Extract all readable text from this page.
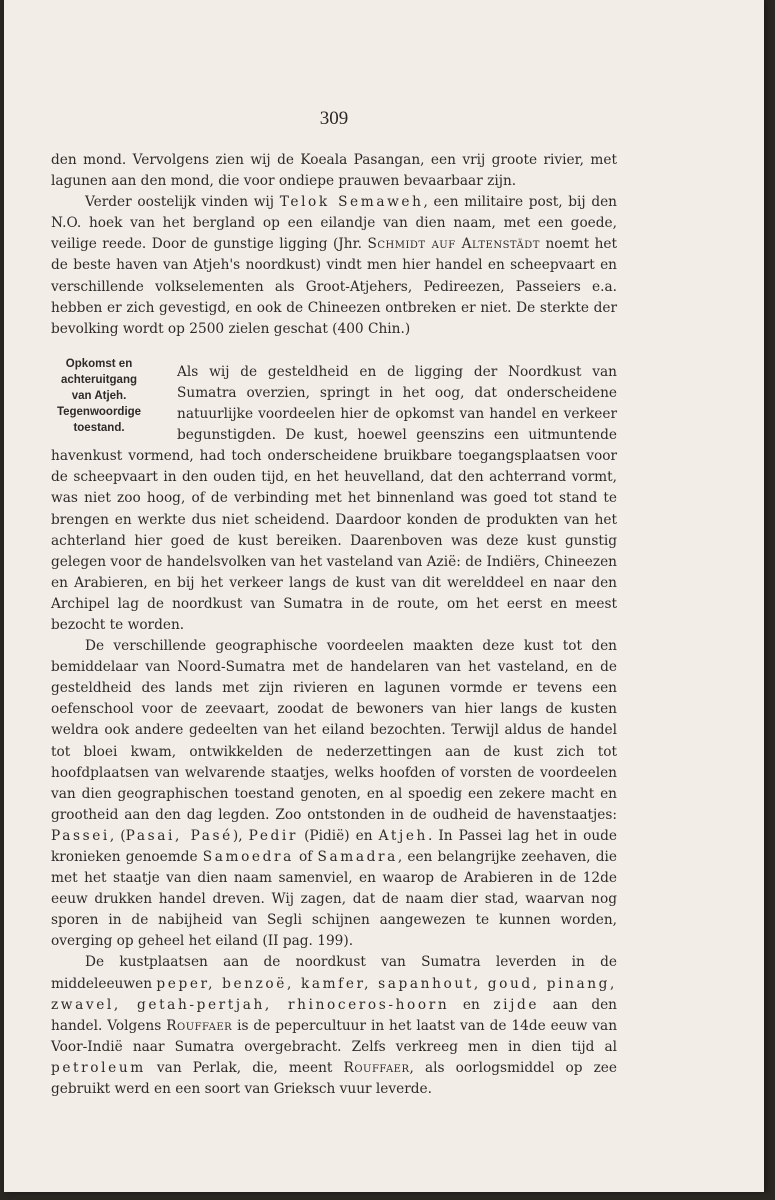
309
Opkomst en achteruitgang van Atjeh. Tegenwoordige toestand.

den mond. Vervolgens zien wij de Koeala Pasangan, een vrij groote rivier, met lagunen aan den mond, die voor ondiepe prauwen bevaarbaar zijn.

Verder oostelijk vinden wij Telok Semaweh, een militaire post, bij den N.O. hoek van het bergland op een eilandje van dien naam, met een goede, veilige reede. Door de gunstige ligging (Jhr. Schmidt auf Altenstädt noemt het de beste haven van Atjeh's noordkust) vindt men hier handel en scheepvaart en verschillende volkselementen als Groot-Atjehers, Pedireezen, Passeiers e.a. hebben er zich gevestigd, en ook de Chineezen ontbreken er niet. De sterkte der bevolking wordt op 2500 zielen geschat (400 Chin.)

Als wij de gesteldheid en de ligging der Noordkust van Sumatra overzien, springt in het oog, dat onderscheidene natuurlijke voordeelen hier de opkomst van handel en verkeer begunstigden. De kust, hoewel geenszins een uitmuntende havenkust vormend, had toch onderscheidene bruikbare toegangsplaatsen voor de scheepvaart in den ouden tijd, en het heuvelland, dat den achterrand vormt, was niet zoo hoog, of de verbinding met het binnenland was goed tot stand te brengen en werkte dus niet scheidend. Daardoor konden de produkten van het achterland hier goed de kust bereiken. Daarenboven was deze kust gunstig gelegen voor de handelsvolken van het vasteland van Azië: de Indiërs, Chineezen en Arabieren, en bij het verkeer langs de kust van dit werelddeel en naar den Archipel lag de noordkust van Sumatra in de route, om het eerst en meest bezocht te worden.

De verschillende geographische voordeelen maakten deze kust tot den bemiddelaar van Noord-Sumatra met de handelaren van het vasteland, en de gesteldheid des lands met zijn rivieren en lagunen vormde er tevens een oefenschool voor de zeevaart, zoodat de bewoners van hier langs de kusten weldra ook andere gedeelten van het eiland bezochten. Terwijl aldus de handel tot bloei kwam, ontwikkelden de nederzettingen aan de kust zich tot hoofdplaatsen van welvarende staatjes, welks hoofden of vorsten de voordeelen van dien geographischen toestand genoten, en al spoedig een zekere macht en grootheid aan den dag legden. Zoo ontstonden in de oudheid de havenstaatjes: Passei, (Pasai, Pasé), Pedir (Pidië) en Atjeh. In Passei lag het in oude kronieken genoemde Samoedra of Samadra, een belangrijke zeehaven, die met het staatje van dien naam samenviel, en waarop de Arabieren in de 12de eeuw drukken handel dreven. Wij zagen, dat de naam dier stad, waarvan nog sporen in de nabijheid van Segli schijnen aangewezen te kunnen worden, overging op geheel het eiland (II pag. 199).

De kustplaatsen aan de noordkust van Sumatra leverden in de middeleeuwen peper, benzoë, kamfer, sapanhout, goud, pinang, zwavel, getah-pertjah, rhinoceros-hoorn en zijde aan den handel. Volgens Rouffaer is de pepercultuur in het laatst van de 14de eeuw van Voor-Indië naar Sumatra overgebracht. Zelfs verkreeg men in dien tijd al petroleum van Perlak, die, meent Rouffaer, als oorlogsmiddel op zee gebruikt werd en een soort van Grieksch vuur leverde.
